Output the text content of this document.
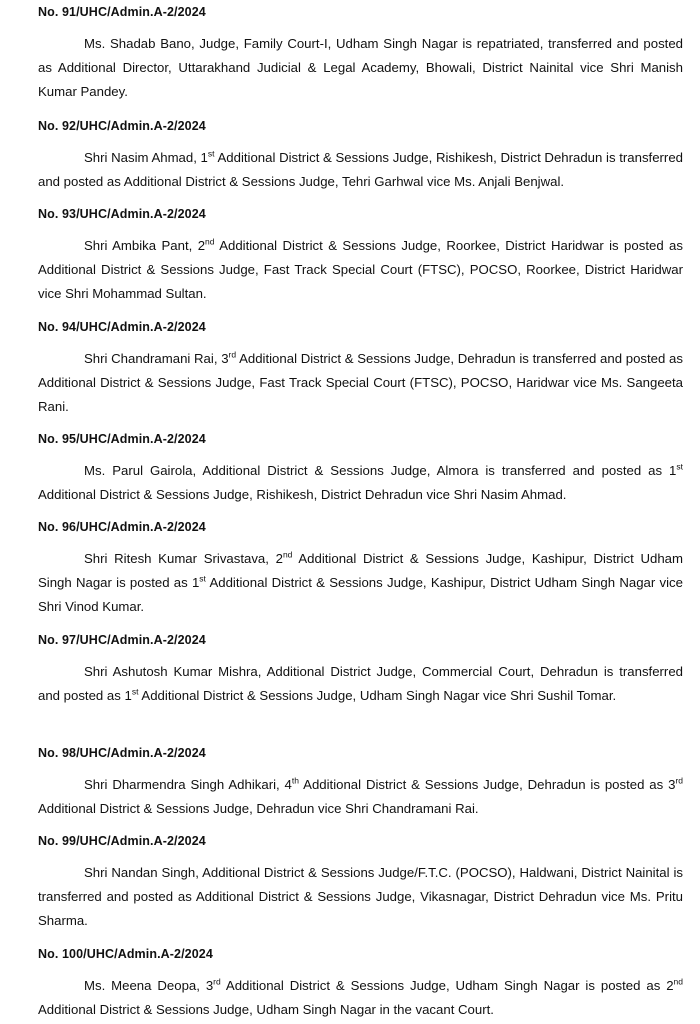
No. 91/UHC/Admin.A-2/2024

Ms. Shadab Bano, Judge, Family Court-I, Udham Singh Nagar is repatriated, transferred and posted as Additional Director, Uttarakhand Judicial & Legal Academy, Bhowali, District Nainital vice Shri Manish Kumar Pandey.

No. 92/UHC/Admin.A-2/2024

Shri Nasim Ahmad, 1st Additional District & Sessions Judge, Rishikesh, District Dehradun is transferred and posted as Additional District & Sessions Judge, Tehri Garhwal vice Ms. Anjali Benjwal.

No. 93/UHC/Admin.A-2/2024

Shri Ambika Pant, 2nd Additional District & Sessions Judge, Roorkee, District Haridwar is posted as Additional District & Sessions Judge, Fast Track Special Court (FTSC), POCSO, Roorkee, District Haridwar vice Shri Mohammad Sultan.

No. 94/UHC/Admin.A-2/2024

Shri Chandramani Rai, 3rd Additional District & Sessions Judge, Dehradun is transferred and posted as Additional District & Sessions Judge, Fast Track Special Court (FTSC), POCSO, Haridwar vice Ms. Sangeeta Rani.

No. 95/UHC/Admin.A-2/2024

Ms. Parul Gairola, Additional District & Sessions Judge, Almora is transferred and posted as 1st Additional District & Sessions Judge, Rishikesh, District Dehradun vice Shri Nasim Ahmad.

No. 96/UHC/Admin.A-2/2024

Shri Ritesh Kumar Srivastava, 2nd Additional District & Sessions Judge, Kashipur, District Udham Singh Nagar is posted as 1st Additional District & Sessions Judge, Kashipur, District Udham Singh Nagar vice Shri Vinod Kumar.

No. 97/UHC/Admin.A-2/2024

Shri Ashutosh Kumar Mishra, Additional District Judge, Commercial Court, Dehradun is transferred and posted as 1st Additional District & Sessions Judge, Udham Singh Nagar vice Shri Sushil Tomar.

No. 98/UHC/Admin.A-2/2024

Shri Dharmendra Singh Adhikari, 4th Additional District & Sessions Judge, Dehradun is posted as 3rd Additional District & Sessions Judge, Dehradun vice Shri Chandramani Rai.

No. 99/UHC/Admin.A-2/2024

Shri Nandan Singh, Additional District & Sessions Judge/F.T.C. (POCSO), Haldwani, District Nainital is transferred and posted as Additional District & Sessions Judge, Vikasnagar, District Dehradun vice Ms. Pritu Sharma.

No. 100/UHC/Admin.A-2/2024

Ms. Meena Deopa, 3rd Additional District & Sessions Judge, Udham Singh Nagar is posted as 2nd Additional District & Sessions Judge, Udham Singh Nagar in the vacant Court.
